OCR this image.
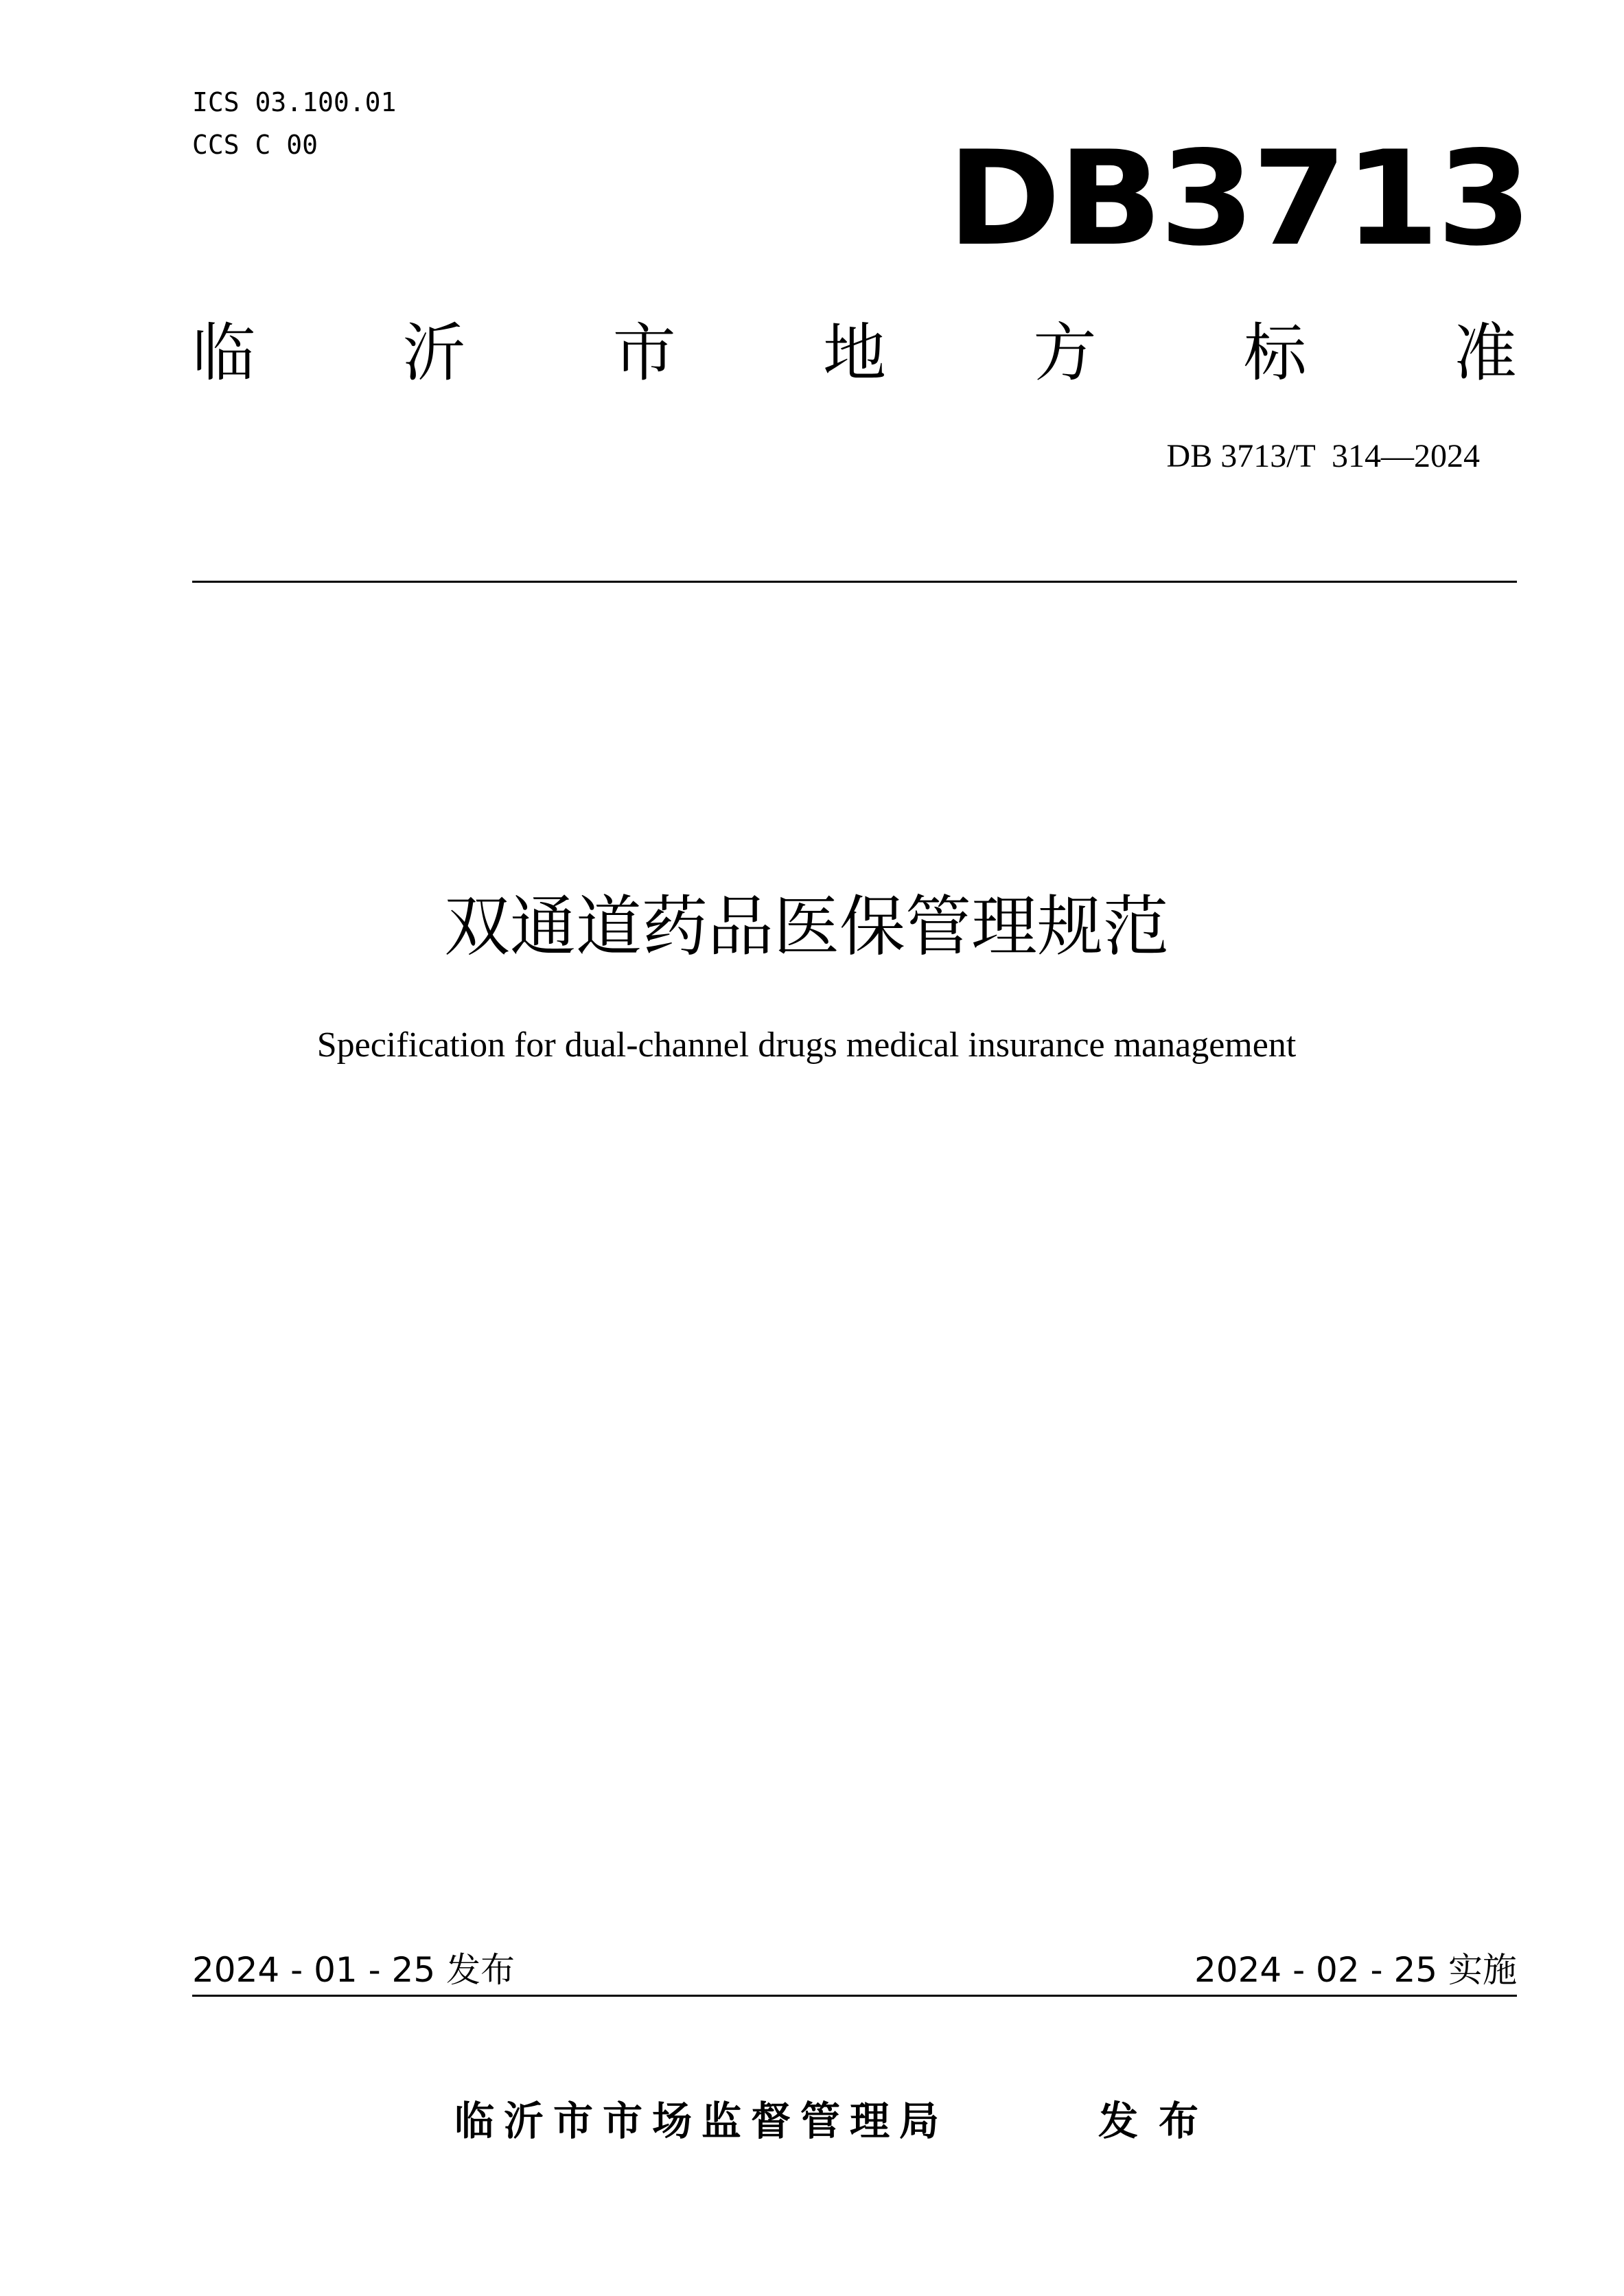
ICS 03.100.01
CCS C 00	DB3713
临 沂 市 地 方 标 准
DB 3713/T  314—2024
双通道药品医保管理规范
Specification for dual-channel drugs medical insurance management
2024 - 01 - 25 发布	2024 - 02 - 25 实施
临沂市市场监督管理局	发布
